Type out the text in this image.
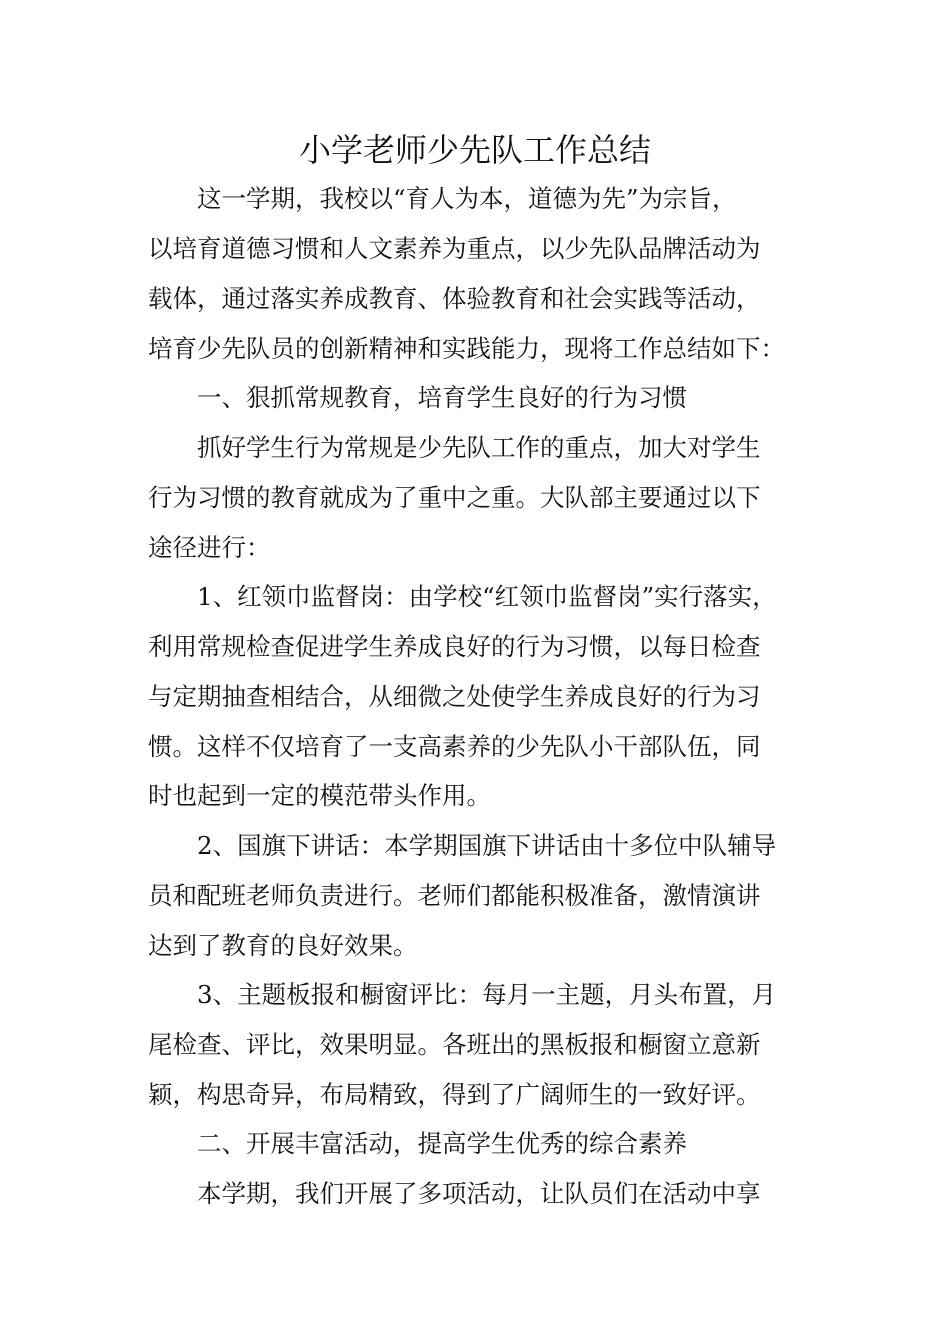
小学老师少先队工作总结

这一学期，我校以“育人为本，道德为先”为宗旨，

以培育道德习惯和人文素养为重点，以少先队品牌活动为

载体，通过落实养成教育、体验教育和社会实践等活动，

培育少先队员的创新精神和实践能力，现将工作总结如下：

一、狠抓常规教育，培育学生良好的行为习惯

抓好学生行为常规是少先队工作的重点，加大对学生

行为习惯的教育就成为了重中之重。大队部主要通过以下

途径进行：

1、红领巾监督岗：由学校“红领巾监督岗”实行落实，

利用常规检查促进学生养成良好的行为习惯，以每日检查

与定期抽查相结合，从细微之处使学生养成良好的行为习

惯。这样不仅培育了一支高素养的少先队小干部队伍，同

时也起到一定的模范带头作用。

2、国旗下讲话：本学期国旗下讲话由十多位中队辅导

员和配班老师负责进行。老师们都能积极准备，激情演讲

达到了教育的良好效果。

3、主题板报和橱窗评比：每月一主题，月头布置，月

尾检查、评比，效果明显。各班出的黑板报和橱窗立意新

颖，构思奇异，布局精致，得到了广阔师生的一致好评。

二、开展丰富活动，提高学生优秀的综合素养

本学期，我们开展了多项活动，让队员们在活动中享
